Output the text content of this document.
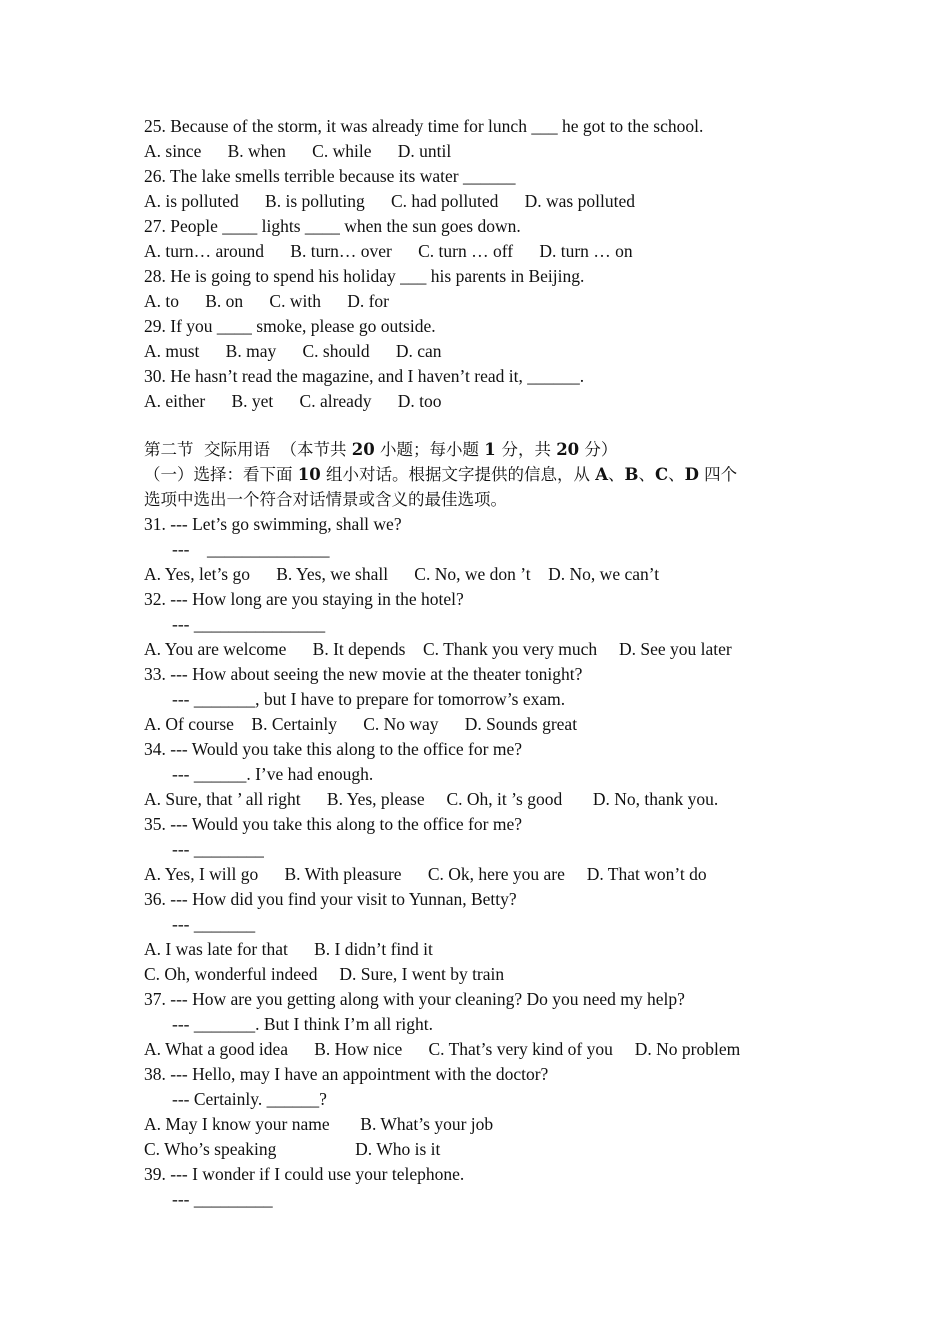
25. Because of the storm, it was already time for lunch ___ he got to the school.
A. since      B. when      C. while      D. until
26. The lake smells terrible because its water ______
A. is polluted      B. is polluting      C. had polluted      D. was polluted
27. People ____ lights ____ when the sun goes down.
A. turn… around      B. turn… over      C. turn … off      D. turn … on
28. He is going to spend his holiday ___ his parents in Beijing.
A. to      B. on      C. with      D. for
29. If you ____ smoke, please go outside.
A. must      B. may      C. should      D. can
30. He hasn’t read the magazine, and I haven’t read it, ______.
A. either      B. yet      C. already      D. too
第二节  交际用语  （本节共 20 小题；每小题 1 分，共 20 分）
（一）选择：看下面 10 组小对话。根据文字提供的信息，从 A、B、C、D 四个
选项中选出一个符合对话情景或含义的最佳选项。
31. --- Let’s go swimming, shall we?
---    ______________
A. Yes, let’s go      B. Yes, we shall      C. No, we don ’t    D. No, we can’t
32. --- How long are you staying in the hotel?
--- _______________
A. You are welcome      B. It depends    C. Thank you very much     D. See you later
33. --- How about seeing the new movie at the theater tonight?
--- _______, but I have to prepare for tomorrow’s exam.
A. Of course    B. Certainly      C. No way      D. Sounds great
34. --- Would you take this along to the office for me?
--- ______. I’ve had enough.
A. Sure, that ’ all right      B. Yes, please     C. Oh, it ’s good       D. No, thank you.
35. --- Would you take this along to the office for me?
--- ________
A. Yes, I will go      B. With pleasure      C. Ok, here you are     D. That won’t do
36. --- How did you find your visit to Yunnan, Betty?
--- _______
A. I was late for that      B. I didn’t find it
C. Oh, wonderful indeed     D. Sure, I went by train
37. --- How are you getting along with your cleaning? Do you need my help?
--- _______. But I think I’m all right.
A. What a good idea      B. How nice      C. That’s very kind of you     D. No problem
38. --- Hello, may I have an appointment with the doctor?
--- Certainly. ______?
A. May I know your name       B. What’s your job
C. Who’s speaking                  D. Who is it
39. --- I wonder if I could use your telephone.
--- _________
